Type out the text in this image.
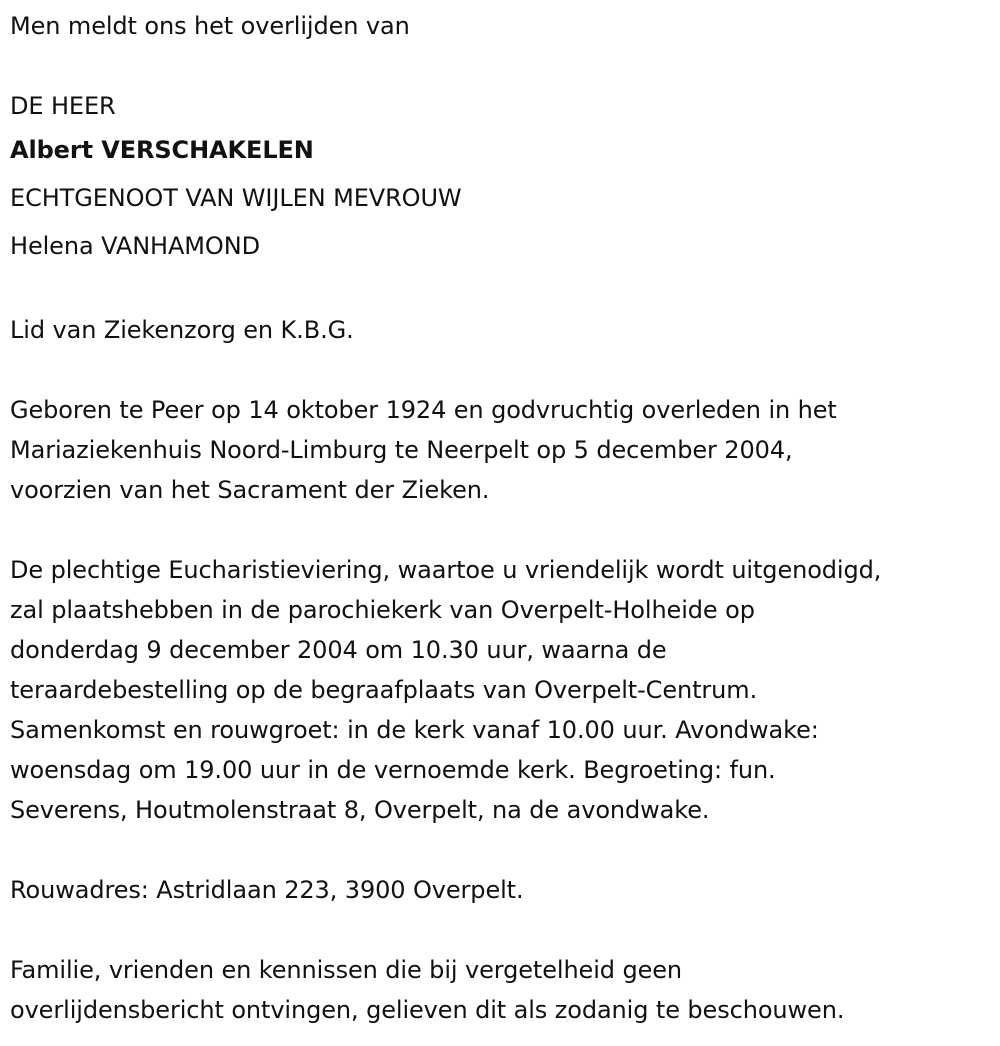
Men meldt ons het overlijden van

DE HEER

Albert VERSCHAKELEN

ECHTGENOOT VAN WIJLEN MEVROUW

Helena VANHAMOND

Lid van Ziekenzorg en K.B.G.

Geboren te Peer op 14 oktober 1924 en godvruchtig overleden in het

Mariaziekenhuis Noord-Limburg te Neerpelt op 5 december 2004,

voorzien van het Sacrament der Zieken.

De plechtige Eucharistieviering, waartoe u vriendelijk wordt uitgenodigd,

zal plaatshebben in de parochiekerk van Overpelt-Holheide op

donderdag 9 december 2004 om 10.30 uur, waarna de

teraardebestelling op de begraafplaats van Overpelt-Centrum.

Samenkomst en rouwgroet: in de kerk vanaf 10.00 uur. Avondwake:

woensdag om 19.00 uur in de vernoemde kerk. Begroeting: fun.

Severens, Houtmolenstraat 8, Overpelt, na de avondwake.

Rouwadres: Astridlaan 223, 3900 Overpelt.

Familie, vrienden en kennissen die bij vergetelheid geen

overlijdensbericht ontvingen, gelieven dit als zodanig te beschouwen.
